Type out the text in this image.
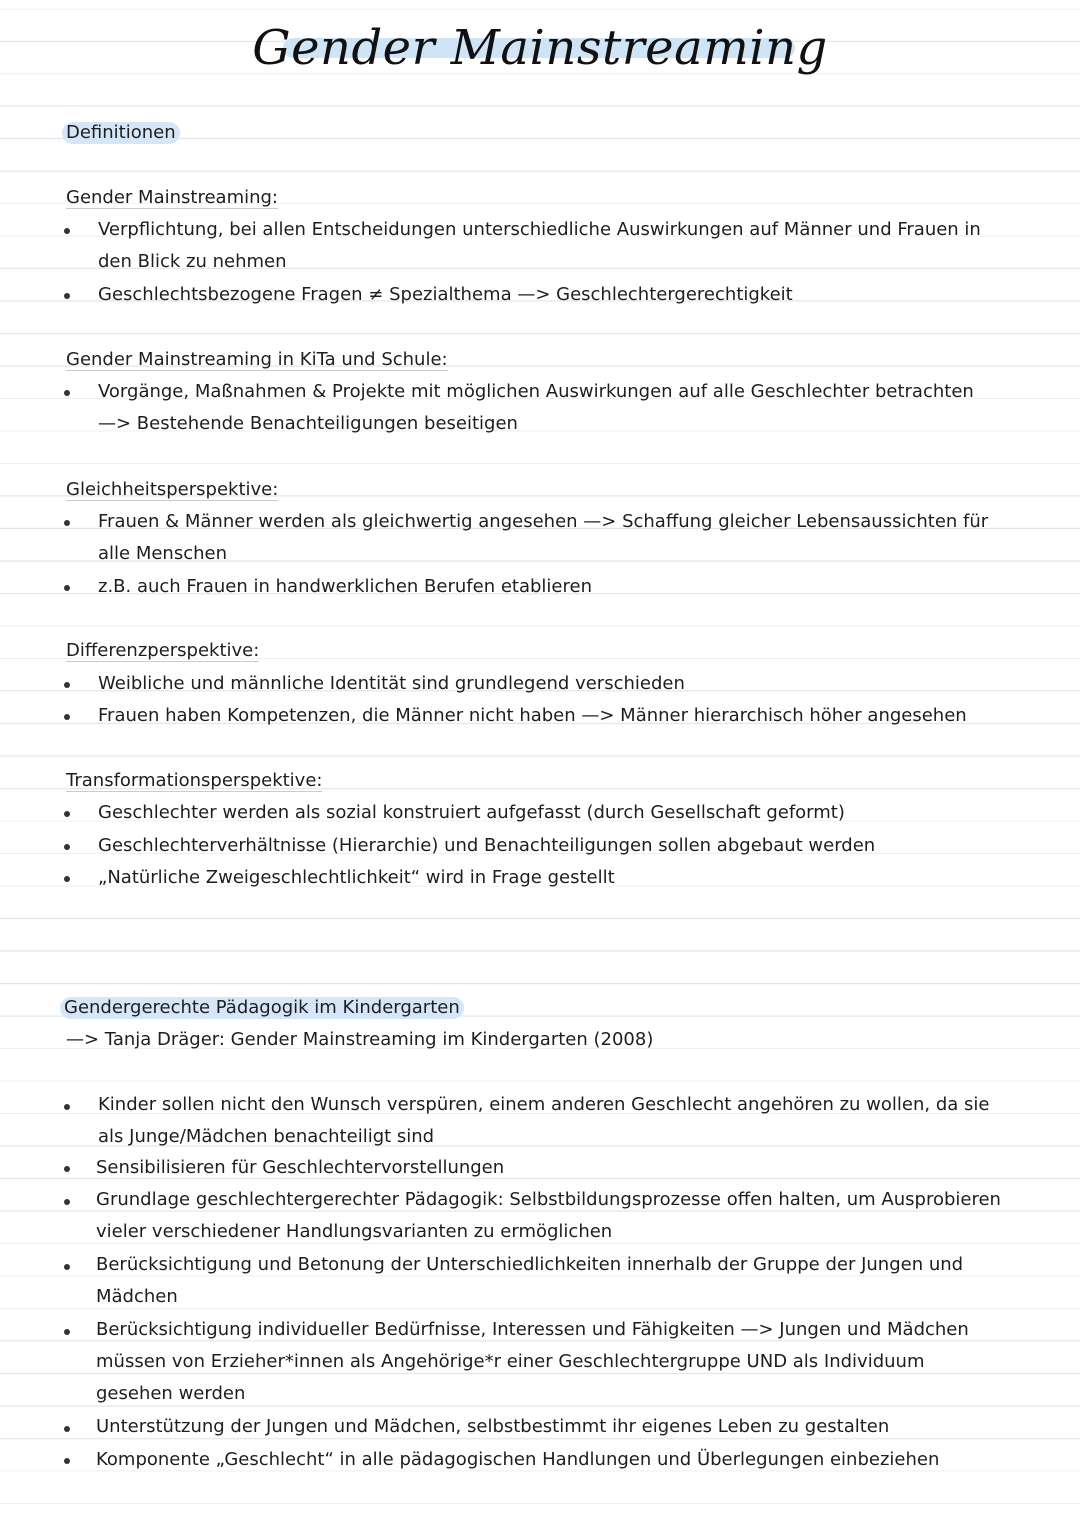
Gender Mainstreaming
Definitionen
Gender Mainstreaming:
Verpflichtung, bei allen Entscheidungen unterschiedliche Auswirkungen auf Männer und Frauen in
den Blick zu nehmen
Geschlechtsbezogene Fragen ≠ Spezialthema —> Geschlechtergerechtigkeit
Gender Mainstreaming in KiTa und Schule:
Vorgänge, Maßnahmen & Projekte mit möglichen Auswirkungen auf alle Geschlechter betrachten
—> Bestehende Benachteiligungen beseitigen
Gleichheitsperspektive:
Frauen & Männer werden als gleichwertig angesehen —> Schaffung gleicher Lebensaussichten für
alle Menschen
z.B. auch Frauen in handwerklichen Berufen etablieren
Differenzperspektive:
Weibliche und männliche Identität sind grundlegend verschieden
Frauen haben Kompetenzen, die Männer nicht haben —> Männer hierarchisch höher angesehen
Transformationsperspektive:
Geschlechter werden als sozial konstruiert aufgefasst (durch Gesellschaft geformt)
Geschlechterverhältnisse (Hierarchie) und Benachteiligungen sollen abgebaut werden
„Natürliche Zweigeschlechtlichkeit“ wird in Frage gestellt
Gendergerechte Pädagogik im Kindergarten
—> Tanja Dräger: Gender Mainstreaming im Kindergarten (2008)
Kinder sollen nicht den Wunsch verspüren, einem anderen Geschlecht angehören zu wollen, da sie
als Junge/Mädchen benachteiligt sind
Sensibilisieren für Geschlechtervorstellungen
Grundlage geschlechtergerechter Pädagogik: Selbstbildungsprozesse offen halten, um Ausprobieren
vieler verschiedener Handlungsvarianten zu ermöglichen
Berücksichtigung und Betonung der Unterschiedlichkeiten innerhalb der Gruppe der Jungen und
Mädchen
Berücksichtigung individueller Bedürfnisse, Interessen und Fähigkeiten —> Jungen und Mädchen
müssen von Erzieher*innen als Angehörige*r einer Geschlechtergruppe UND als Individuum
gesehen werden
Unterstützung der Jungen und Mädchen, selbstbestimmt ihr eigenes Leben zu gestalten
Komponente „Geschlecht“ in alle pädagogischen Handlungen und Überlegungen einbeziehen
